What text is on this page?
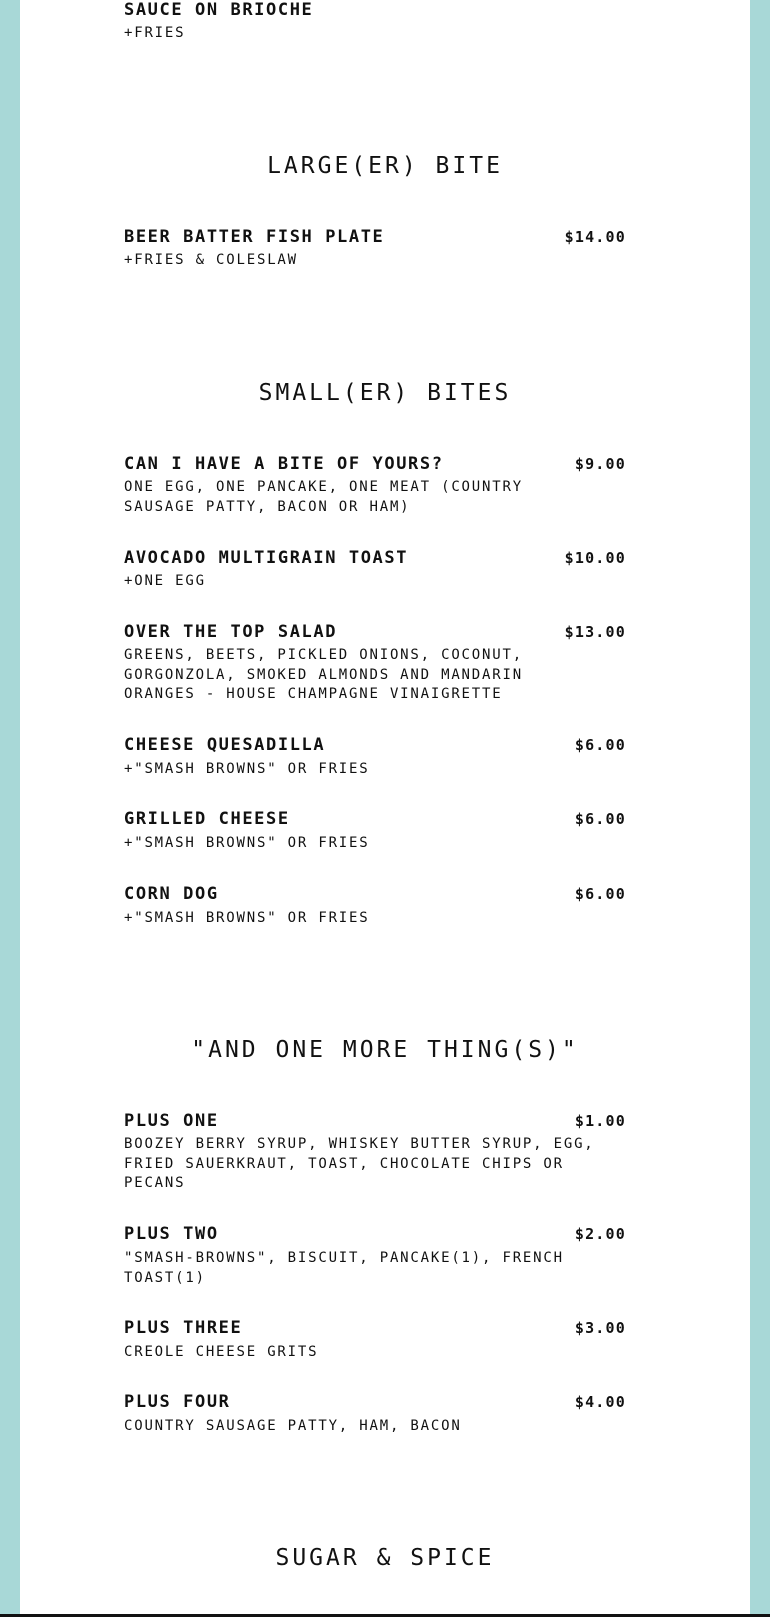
SAUCE ON BRIOCHE
+FRIES
LARGE(ER) BITE
BEER BATTER FISH PLATE	$14.00
+FRIES & COLESLAW
SMALL(ER) BITES
CAN I HAVE A BITE OF YOURS?	$9.00
ONE EGG, ONE PANCAKE, ONE MEAT (COUNTRY SAUSAGE PATTY, BACON OR HAM)
AVOCADO MULTIGRAIN TOAST	$10.00
+ONE EGG
OVER THE TOP SALAD	$13.00
GREENS, BEETS, PICKLED ONIONS, COCONUT, GORGONZOLA, SMOKED ALMONDS AND MANDARIN ORANGES - HOUSE CHAMPAGNE VINAIGRETTE
CHEESE QUESADILLA	$6.00
+"SMASH BROWNS" OR FRIES
GRILLED CHEESE	$6.00
+"SMASH BROWNS" OR FRIES
CORN DOG	$6.00
+"SMASH BROWNS" OR FRIES
"AND ONE MORE THING(S)"
PLUS ONE	$1.00
BOOZEY BERRY SYRUP, WHISKEY BUTTER SYRUP, EGG, FRIED SAUERKRAUT, TOAST, CHOCOLATE CHIPS OR PECANS
PLUS TWO	$2.00
"SMASH-BROWNS", BISCUIT, PANCAKE(1), FRENCH TOAST(1)
PLUS THREE	$3.00
CREOLE CHEESE GRITS
PLUS FOUR	$4.00
COUNTRY SAUSAGE PATTY, HAM, BACON
SUGAR & SPICE
